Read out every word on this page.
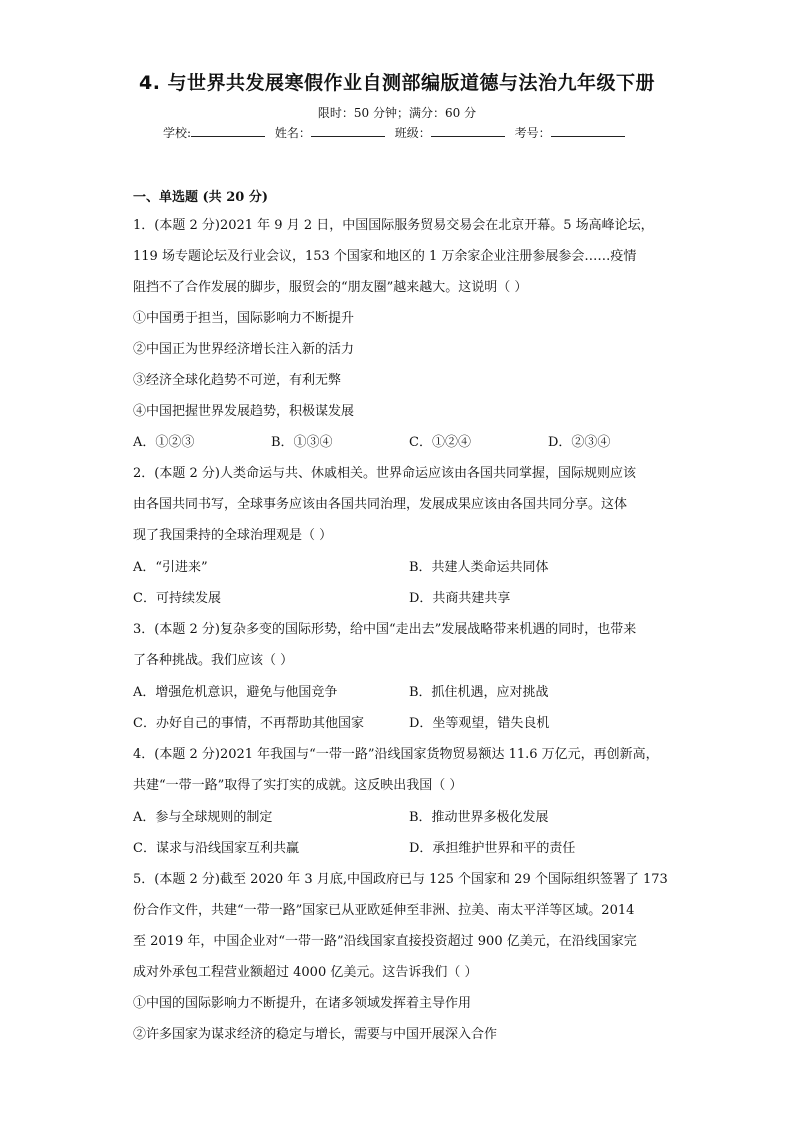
4. 与世界共发展寒假作业自测部编版道德与法治九年级下册
限时：50 分钟；满分：60 分
学校:	姓名：	班级：	考号：
一、单选题 (共 20 分)
1．(本题 2 分)2021 年 9 月 2 日，中国国际服务贸易交易会在北京开幕。5 场高峰论坛，
119 场专题论坛及行业会议，153 个国家和地区的 1 万余家企业注册参展参会……疫情
阻挡不了合作发展的脚步，服贸会的“朋友圈”越来越大。这说明（ ）
①中国勇于担当，国际影响力不断提升
②中国正为世界经济增长注入新的活力
③经济全球化趋势不可逆，有利无弊
④中国把握世界发展趋势，积极谋发展
A．①②③	B．①③④	C．①②④	D．②③④
2．(本题 2 分)人类命运与共、休戚相关。世界命运应该由各国共同掌握，国际规则应该
由各国共同书写，全球事务应该由各国共同治理，发展成果应该由各国共同分享。这体
现了我国秉持的全球治理观是（ ）
A．“引进来”	B．共建人类命运共同体
C．可持续发展	D．共商共建共享
3．(本题 2 分)复杂多变的国际形势，给中国“走出去”发展战略带来机遇的同时，也带来
了各种挑战。我们应该（ ）
A．增强危机意识，避免与他国竞争	B．抓住机遇，应对挑战
C．办好自己的事情，不再帮助其他国家	D．坐等观望，错失良机
4．(本题 2 分)2021 年我国与“一带一路”沿线国家货物贸易额达 11.6 万亿元，再创新高，
共建“一带一路”取得了实打实的成就。这反映出我国（ ）
A．参与全球规则的制定	B．推动世界多极化发展
C．谋求与沿线国家互利共赢	D．承担维护世界和平的责任
5．(本题 2 分)截至 2020 年 3 月底,中国政府已与 125 个国家和 29 个国际组织签署了 173
份合作文件，共建“一带一路”国家已从亚欧延伸至非洲、拉美、南太平洋等区域。2014
至 2019 年，中国企业对“一带一路”沿线国家直接投资超过 900 亿美元，在沿线国家完
成对外承包工程营业额超过 4000 亿美元。这告诉我们（ ）
①中国的国际影响力不断提升，在诸多领域发挥着主导作用
②许多国家为谋求经济的稳定与增长，需要与中国开展深入合作
